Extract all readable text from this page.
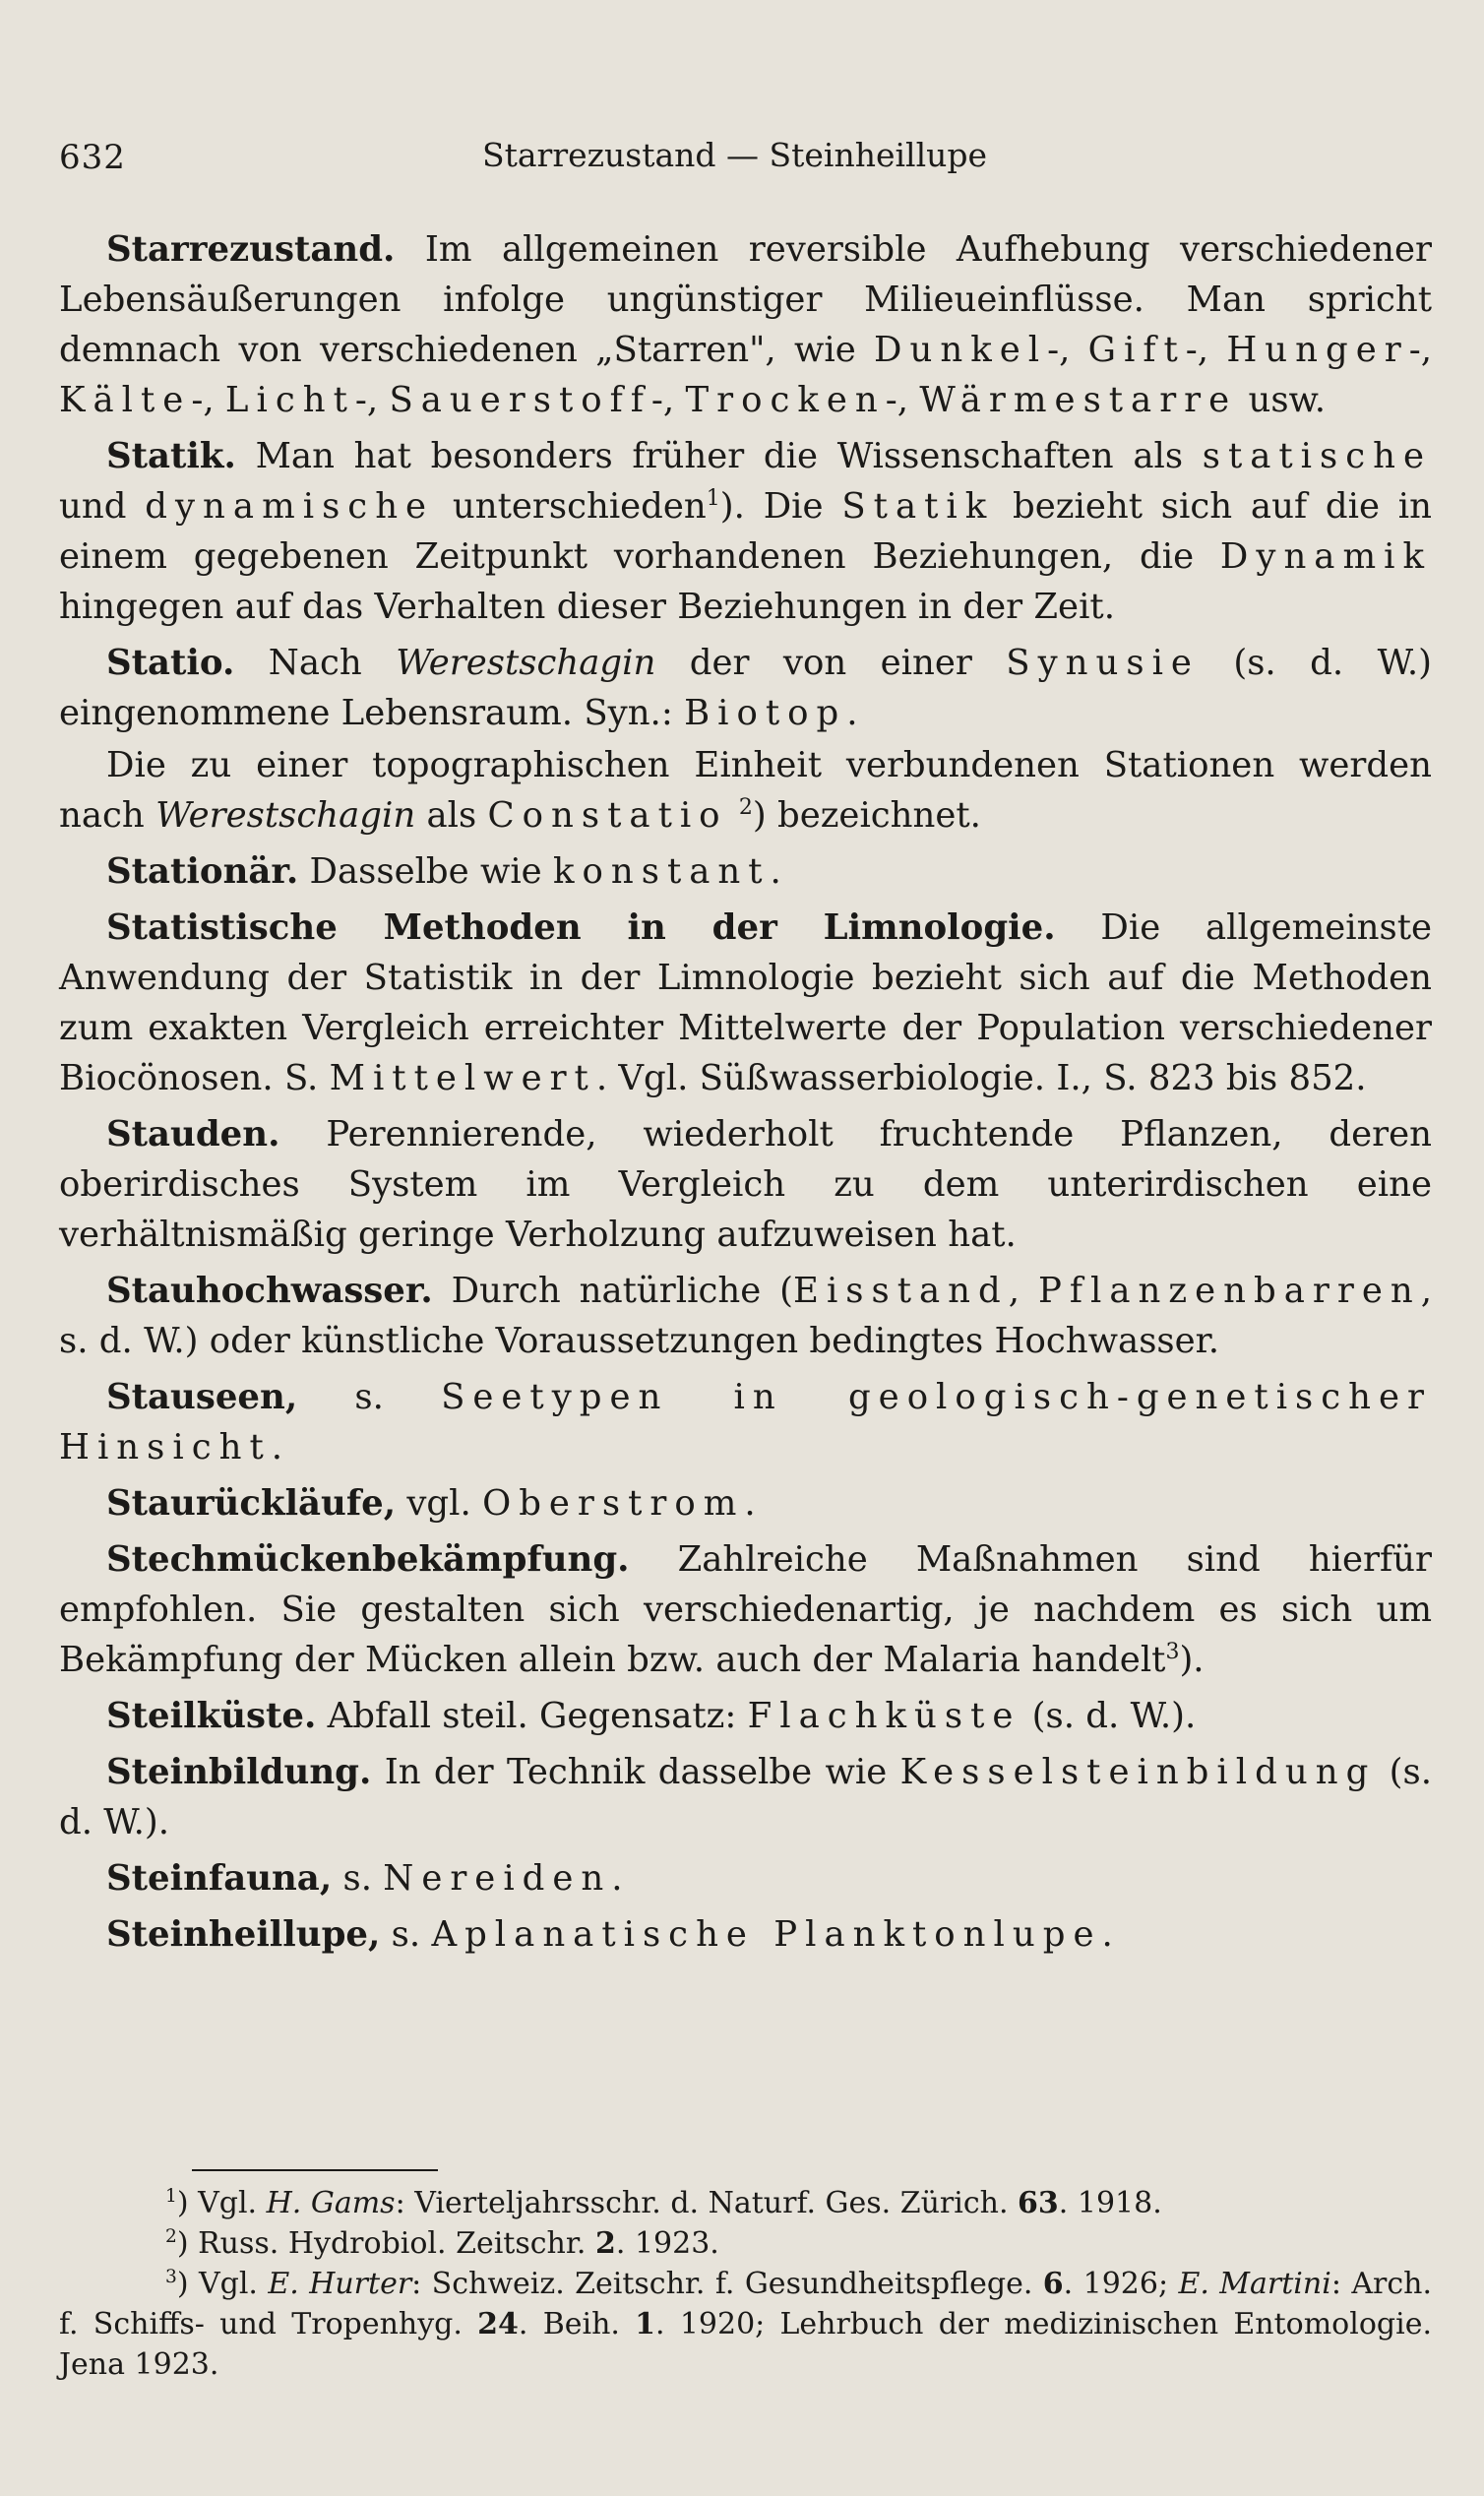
632	Starrezustand — Steinheillupe

Starrezustand. Im allgemeinen reversible Aufhebung verschiedener Lebensäußerungen infolge ungünstiger Milieueinflüsse. Man spricht demnach von verschiedenen „Starren", wie Dunkel-, Gift-, Hunger-, Kälte-, Licht-, Sauerstoff-, Trocken-, Wärmestarre usw.

Statik. Man hat besonders früher die Wissenschaften als statische und dynamische unterschieden$^1$). Die Statik bezieht sich auf die in einem gegebenen Zeitpunkt vorhandenen Beziehungen, die Dynamik hingegen auf das Verhalten dieser Beziehungen in der Zeit.

Statio. Nach Werestschagin der von einer Synusie (s. d. W.) eingenommene Lebensraum. Syn.: Biotop.

Die zu einer topographischen Einheit verbundenen Stationen werden nach Werestschagin als Constatio $^2$) bezeichnet.

Stationär. Dasselbe wie konstant.

Statistische Methoden in der Limnologie. Die allgemeinste Anwendung der Statistik in der Limnologie bezieht sich auf die Methoden zum exakten Vergleich erreichter Mittelwerte der Population verschiedener Biocönosen. S. Mittelwert. Vgl. Süßwasserbiologie. I., S. 823 bis 852.

Stauden. Perennierende, wiederholt fruchtende Pflanzen, deren oberirdisches System im Vergleich zu dem unterirdischen eine verhältnismäßig geringe Verholzung aufzuweisen hat.

Stauhochwasser. Durch natürliche (Eisstand, Pflanzenbarren, s. d. W.) oder künstliche Voraussetzungen bedingtes Hochwasser.

Stauseen, s. Seetypen in geologisch-genetischer Hinsicht.

Staurückläufe, vgl. Oberstrom.

Stechmückenbekämpfung. Zahlreiche Maßnahmen sind hierfür empfohlen. Sie gestalten sich verschiedenartig, je nachdem es sich um Bekämpfung der Mücken allein bzw. auch der Malaria handelt$^3$).

Steilküste. Abfall steil. Gegensatz: Flachküste (s. d. W.).

Steinbildung. In der Technik dasselbe wie Kesselsteinbildung (s. d. W.).

Steinfauna, s. Nereiden.

Steinheillupe, s. Aplanatische Planktonlupe.

$^1$) Vgl. H. Gams: Vierteljahrsschr. d. Naturf. Ges. Zürich. 63. 1918.

$^2$) Russ. Hydrobiol. Zeitschr. 2. 1923.

$^3$) Vgl. E. Hurter: Schweiz. Zeitschr. f. Gesundheitspflege. 6. 1926; E. Martini: Arch. f. Schiffs- und Tropenhyg. 24. Beih. 1. 1920; Lehrbuch der medizinischen Entomologie. Jena 1923.
